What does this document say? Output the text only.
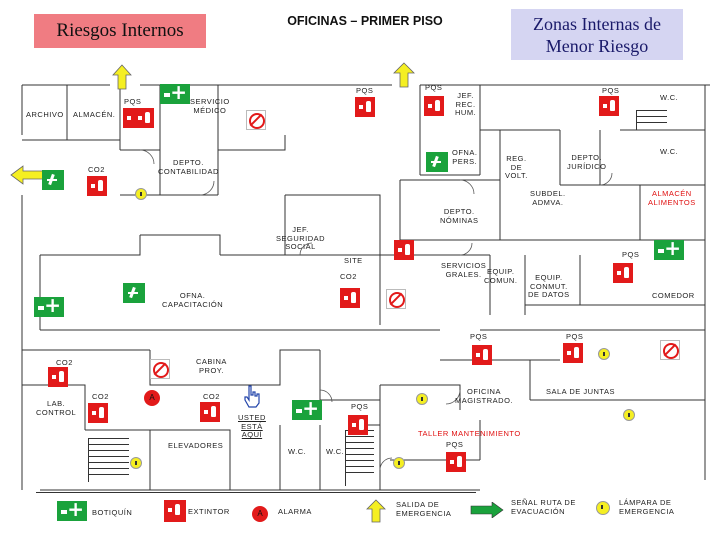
Riesgos Internos	OFICINAS – PRIMER PISO	Zonas Internas de Menor Riesgo
ARCHIVO ALMACÉN.
SERVICIO
MÉDICO
DEPTO.
CONTABILIDAD
JEF.
REC.
HUM.
OFNA.
PERS.	REG.
DE
VOLT.
DEPTO.
JURÍDICO
W.C.
W.C.
SUBDEL.
ADMVA.
ALMACÉN
ALIMENTOS
DEPTO.
NÓMINAS
JEF.
SEGURIDAD
SOCIAL
SITE
SERVICIOS
GRALES. EQUIP.
COMUN.	EQUIP.
CONMUT.
DE DATOS	COMEDOR
OFNA.
CAPACITACIÓN
CABINA
PROY.
LAB.
CONTROL
OFICINA
MAGISTRADO.
SALA DE JUNTAS
ELEVADORES
USTED
ESTÁ
AQUÍ
W.C.	W.C.
TALLER MANTENIMIENTO
PQS
PQS	PQS	PQS
PQS
PQS	PQS
PQS
PQS
CO2
CO2
CO2
CO2	CO2
+
+
+
+
A
+
BOTIQUÍN	EXTINTOR	A	ALARMA
SALIDA DE
EMERGENCIA
SEÑAL RUTA DE
EVACUACIÓN
LÁMPARA DE
EMERGENCIA
